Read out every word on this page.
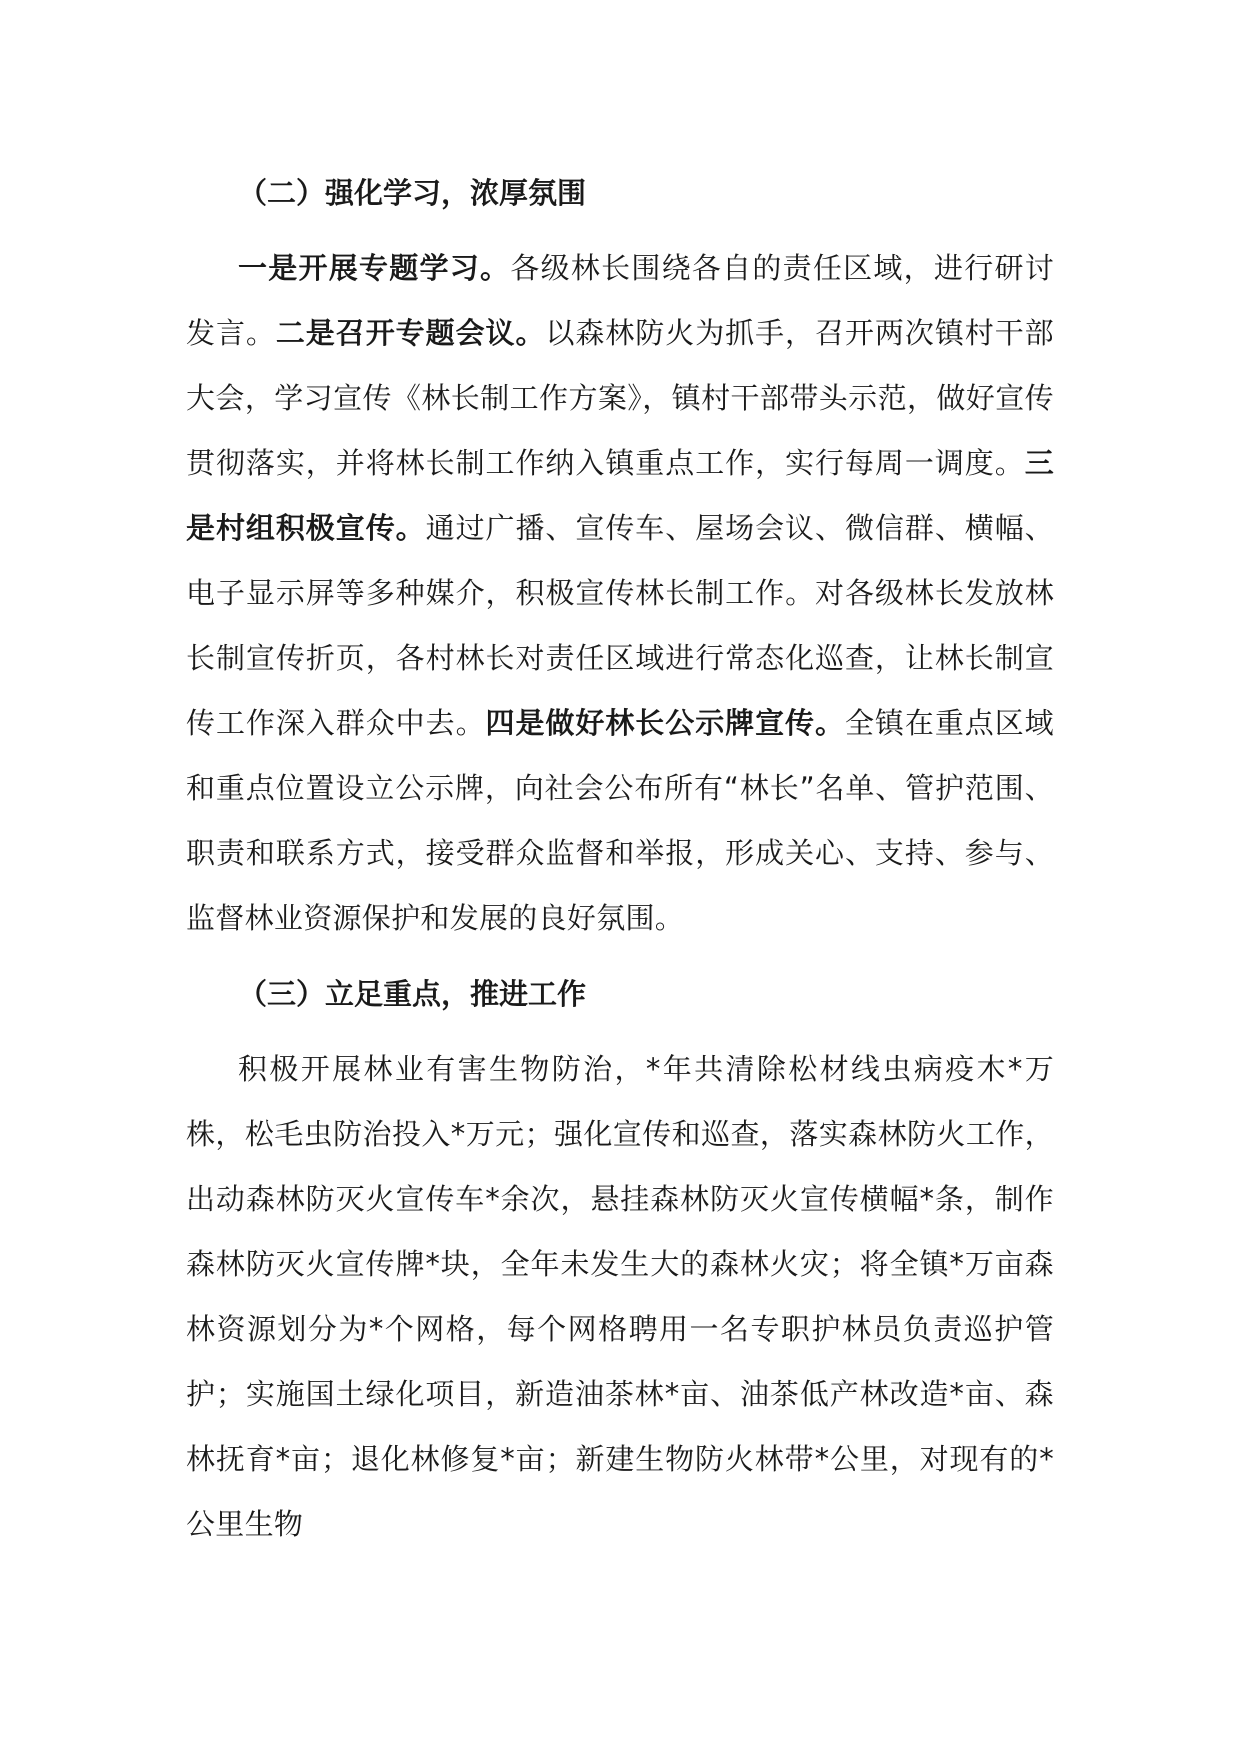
（二）强化学习，浓厚氛围

一是开展专题学习。各级林长围绕各自的责任区域，进行研讨发言。二是召开专题会议。以森林防火为抓手，召开两次镇村干部大会，学习宣传《林长制工作方案》，镇村干部带头示范，做好宣传贯彻落实，并将林长制工作纳入镇重点工作，实行每周一调度。三是村组积极宣传。通过广播、宣传车、屋场会议、微信群、横幅、电子显示屏等多种媒介，积极宣传林长制工作。对各级林长发放林长制宣传折页，各村林长对责任区域进行常态化巡查，让林长制宣传工作深入群众中去。四是做好林长公示牌宣传。全镇在重点区域和重点位置设立公示牌，向社会公布所有“林长”名单、管护范围、职责和联系方式，接受群众监督和举报，形成关心、支持、参与、监督林业资源保护和发展的良好氛围。

（三）立足重点，推进工作

积极开展林业有害生物防治，*年共清除松材线虫病疫木*万株，松毛虫防治投入*万元；强化宣传和巡查，落实森林防火工作，出动森林防灭火宣传车*余次，悬挂森林防灭火宣传横幅*条，制作森林防灭火宣传牌*块，全年未发生大的森林火灾；将全镇*万亩森林资源划分为*个网格，每个网格聘用一名专职护林员负责巡护管护；实施国土绿化项目，新造油茶林*亩、油茶低产林改造*亩、森林抚育*亩；退化林修复*亩；新建生物防火林带*公里，对现有的*公里生物
